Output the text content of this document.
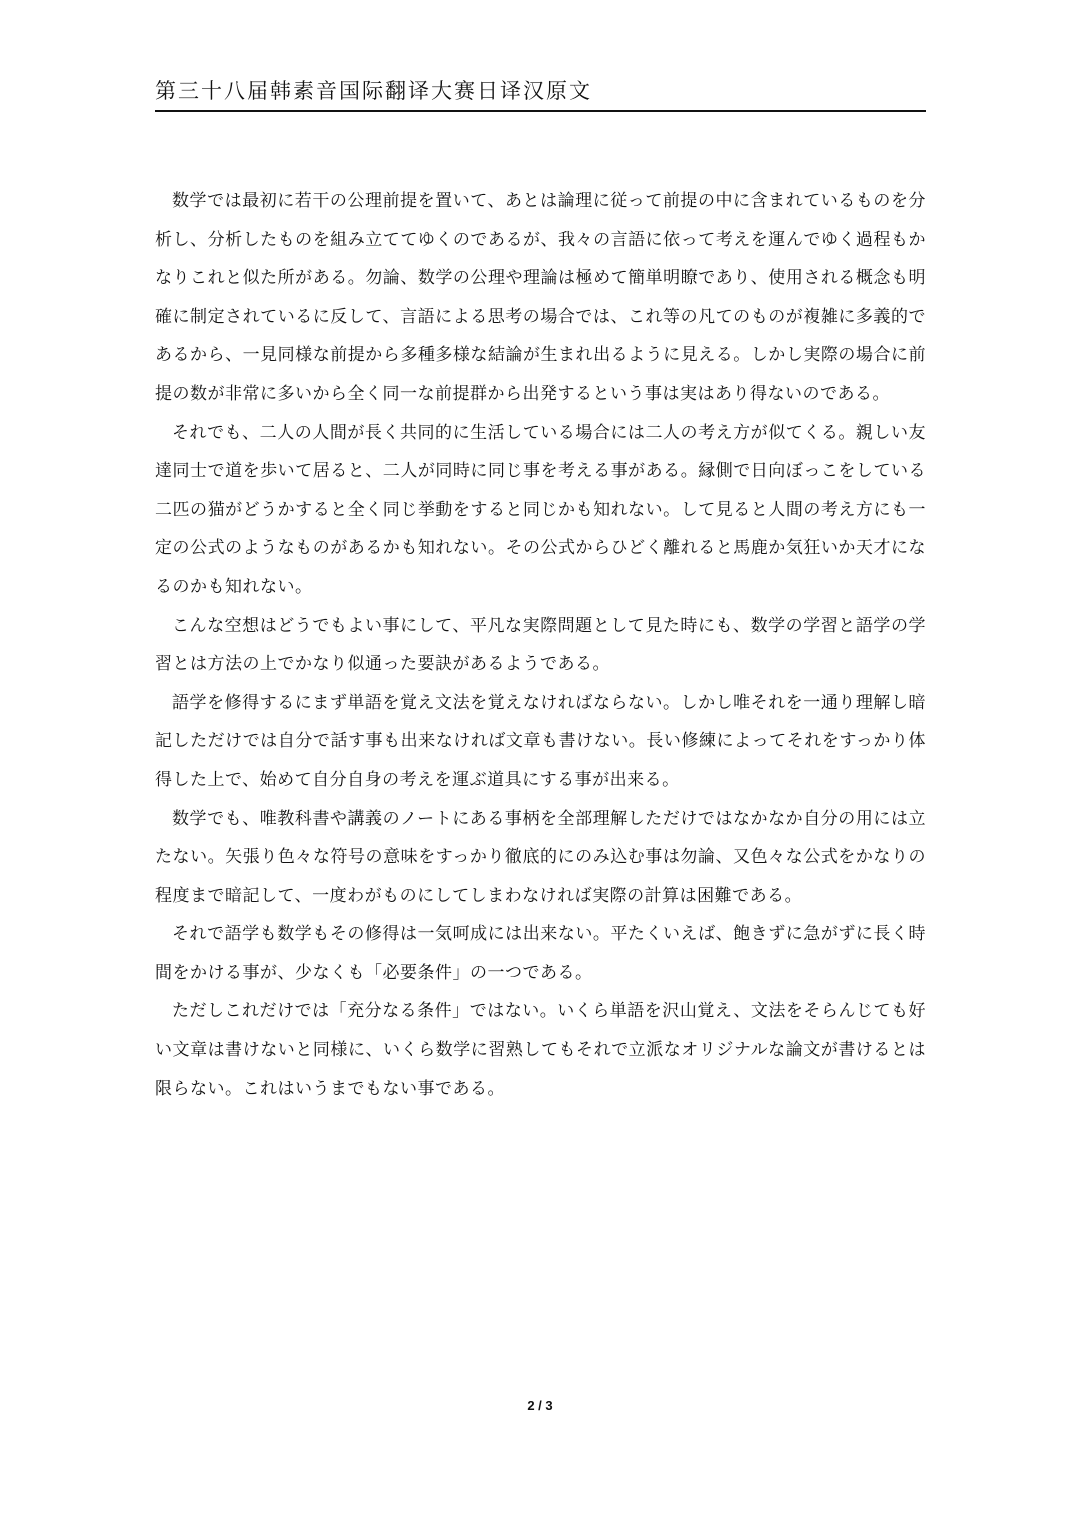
第三十八届韩素音国际翻译大赛日译汉原文

数学では最初に若干の公理前提を置いて、あとは論理に従って前提の中に含まれているものを分析し、分析したものを組み立ててゆくのであるが、我々の言語に依って考えを運んでゆく過程もかなりこれと似た所がある。勿論、数学の公理や理論は極めて簡単明瞭であり、使用される概念も明確に制定されているに反して、言語による思考の場合では、これ等の凡てのものが複雑に多義的であるから、一見同様な前提から多種多様な結論が生まれ出るように見える。しかし実際の場合に前提の数が非常に多いから全く同一な前提群から出発するという事は実はあり得ないのである。

それでも、二人の人間が長く共同的に生活している場合には二人の考え方が似てくる。親しい友達同士で道を歩いて居ると、二人が同時に同じ事を考える事がある。縁側で日向ぼっこをしている二匹の猫がどうかすると全く同じ挙動をすると同じかも知れない。して見ると人間の考え方にも一定の公式のようなものがあるかも知れない。その公式からひどく離れると馬鹿か気狂いか天才になるのかも知れない。

こんな空想はどうでもよい事にして、平凡な実際問題として見た時にも、数学の学習と語学の学習とは方法の上でかなり似通った要訣があるようである。

語学を修得するにまず単語を覚え文法を覚えなければならない。しかし唯それを一通り理解し暗記しただけでは自分で話す事も出来なければ文章も書けない。長い修練によってそれをすっかり体得した上で、始めて自分自身の考えを運ぶ道具にする事が出来る。

数学でも、唯教科書や講義のノートにある事柄を全部理解しただけではなかなか自分の用には立たない。矢張り色々な符号の意味をすっかり徹底的にのみ込む事は勿論、又色々な公式をかなりの程度まで暗記して、一度わがものにしてしまわなければ実際の計算は困難である。

それで語学も数学もその修得は一気呵成には出来ない。平たくいえば、飽きずに急がずに長く時間をかける事が、少なくも「必要条件」の一つである。

ただしこれだけでは「充分なる条件」ではない。いくら単語を沢山覚え、文法をそらんじても好い文章は書けないと同様に、いくら数学に習熟してもそれで立派なオリジナルな論文が書けるとは限らない。これはいうまでもない事である。

2 / 3
